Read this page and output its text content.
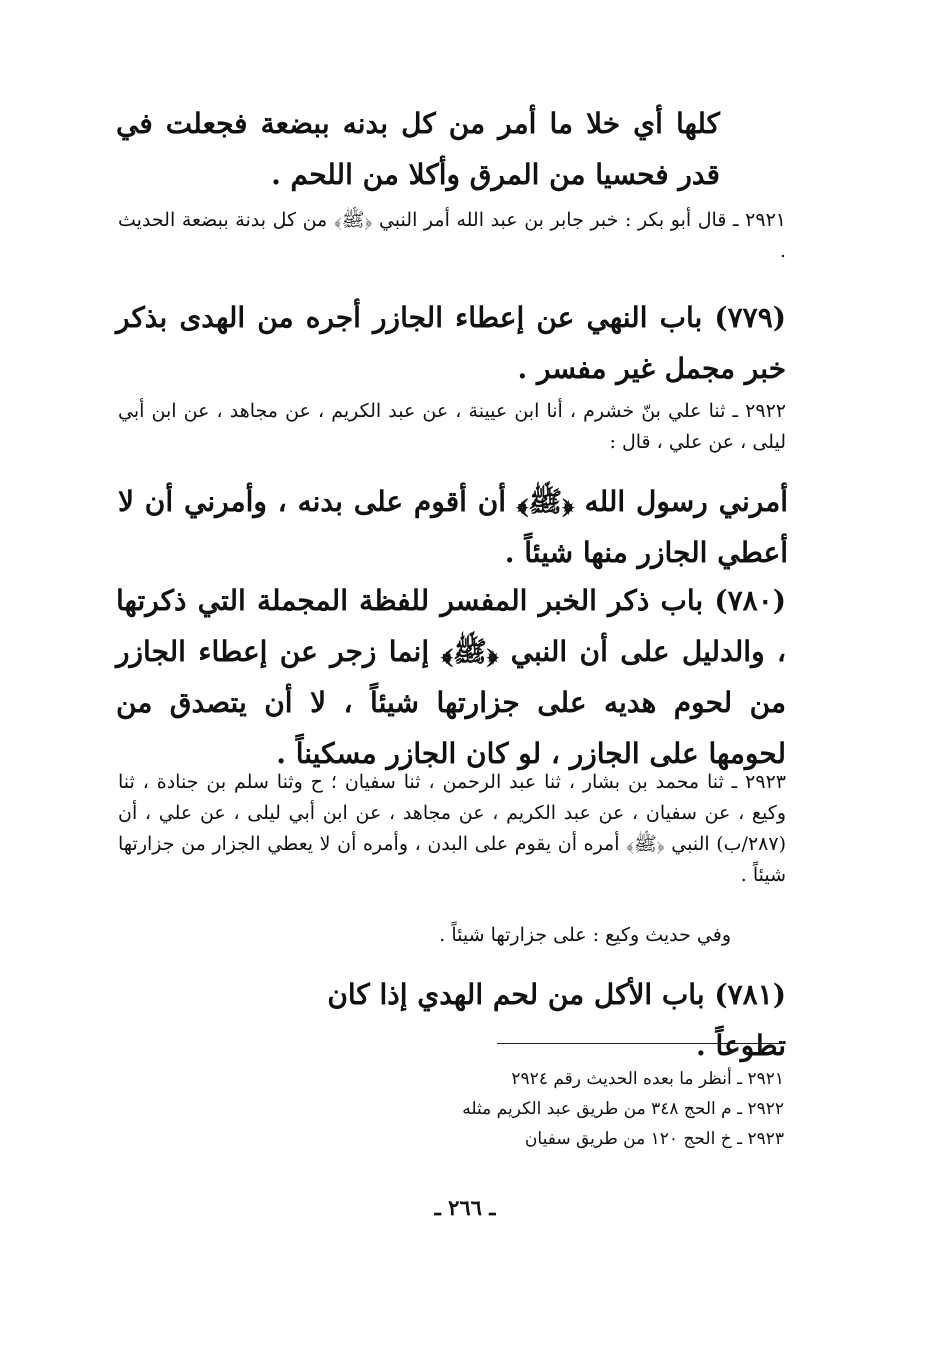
كلها أي خلا ما أمر من كل بدنه ببضعة فجعلت في قدر فحسيا من المرق وأكلا من اللحم .
٢٩٢١ ـ قال أبو بكر : خبر جابر بن عبد الله أمر النبي ﴿ﷺ﴾ من كل بدنة ببضعة الحديث .
(٧٧٩) باب النهي عن إعطاء الجازر أجره من الهدى بذكر خبر مجمل غير مفسر .
٢٩٢٢ ـ ثنا علي بنّ خشرم ، أنا ابن عيينة ، عن عبد الكريم ، عن مجاهد ، عن ابن أبي ليلى ، عن علي ، قال :
أمرني رسول الله ﴿ﷺ﴾ أن أقوم على بدنه ، وأمرني أن لا أعطي الجازر منها شيئاً .
(٧٨٠) باب ذكر الخبر المفسر للفظة المجملة التي ذكرتها ، والدليل على أن النبي ﴿ﷺ﴾ إنما زجر عن إعطاء الجازر من لحوم هديه على جزارتها شيئاً ، لا أن يتصدق من لحومها على الجازر ، لو كان الجازر مسكيناً .
٢٩٢٣ ـ ثنا محمد بن بشار ، ثنا عبد الرحمن ، ثنا سفيان ؛ ح وثنا سلم بن جنادة ، ثنا وكيع ، عن سفيان ، عن عبد الكريم ، عن مجاهد ، عن ابن أبي ليلى ، عن علي ، أن (٢٨٧/ب) النبي ﴿ﷺ﴾ أمره أن يقوم على البدن ، وأمره أن لا يعطي الجزار من جزارتها شيئاً .
وفي حديث وكيع : على جزارتها شيئاً .
(٧٨١) باب الأكل من لحم الهدي إذا كان تطوعاً .
٢٩٢١ ـ أنظر ما بعده الحديث رقم ٢٩٢٤
٢٩٢٢ ـ م الحج ٣٤٨ من طريق عبد الكريم مثله
٢٩٢٣ ـ خ الحج ١٢٠ من طريق سفيان
ـ ٢٦٦ ـ
